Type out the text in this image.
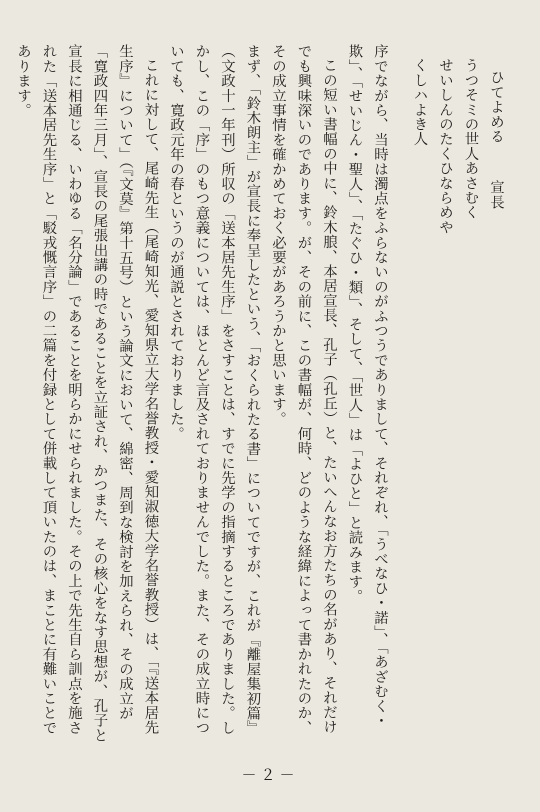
ひてよめる宣長
うつそミの世人あさむく
せいしんのたくひならめや
くしハよき人

序でながら、当時は濁点をふらないのがふつうでありまして、それぞれ、「うべなひ・諾」、「あざむく・欺」、「せいじん・聖人」、「たぐひ・類」、そして、「世人」は「よひと」と読みます。

この短い書幅の中に、鈴木朖、本居宣長、孔子（孔丘）と、たいへんなお方たちの名があり、それだけでも興味深いのであります。が、その前に、この書幅が、何時、どのような経緯によって書かれたのか、その成立事情を確かめておく必要があろうかと思います。

まず、「鈴木朗主」が宣長に奉呈したという、「おくられたる書」についてですが、これが『離屋集初篇』（文政十一年刊）所収の「送本居先生序」をさすことは、すでに先学の指摘するところでありました。しかし、この「序」のもつ意義については、ほとんど言及されておりませんでした。また、その成立時についても、寛政元年の春というのが通説とされておりました。

これに対して、尾崎先生（尾崎知光、愛知県立大学名誉教授・愛知淑徳大学名誉教授）は、「『送本居先生序』について」（『文莫』第十五号）という論文において、綿密、周到な検討を加えられ、その成立が「寛政四年三月」、宣長の尾張出講の時であることを立証され、かつまた、その核心をなす思想が、孔子と宣長に相通じる、いわゆる「名分論」であることを明らかにせられました。その上で先生自ら訓点を施された「送本居先生序」と「駁戎慨言序」の二篇を付録として併載して頂いたのは、まことに有難いことであります。

－２－
